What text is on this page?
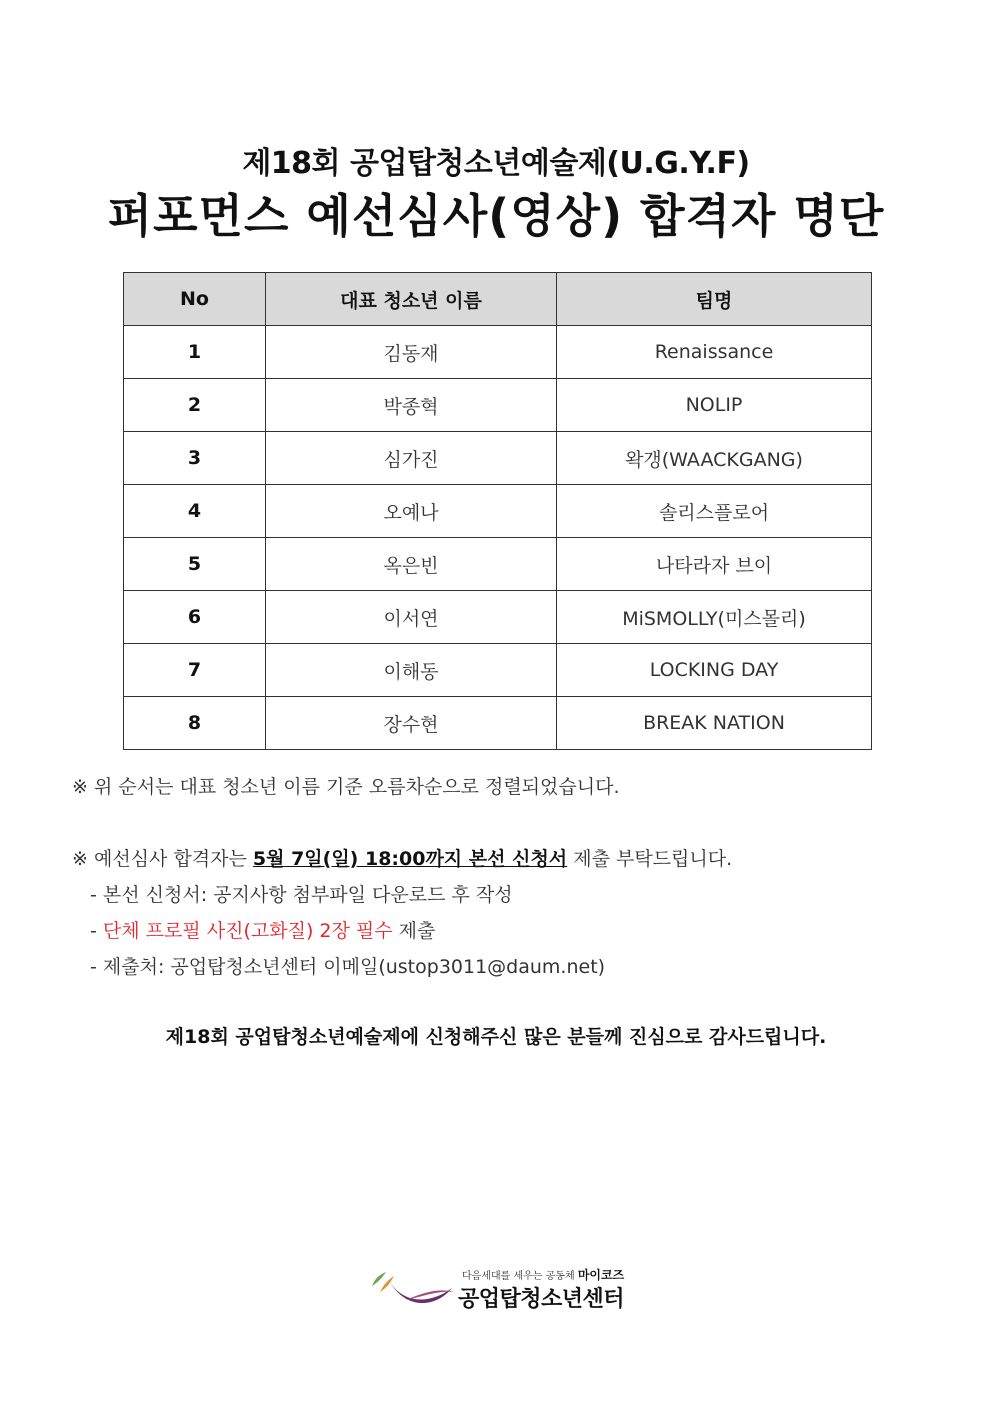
제18회 공업탑청소년예술제(U.G.Y.F)
퍼포먼스 예선심사(영상) 합격자 명단
No	대표 청소년 이름	팀명
1	김동재	Renaissance
2	박종혁	NOLIP
3	심가진	왁갱(WAACKGANG)
4	오예나	솔리스플로어
5	옥은빈	나타라자 브이
6	이서연	MiSMOLLY(미스몰리)
7	이해동	LOCKING DAY
8	장수현	BREAK NATION
※ 위 순서는 대표 청소년 이름 기준 오름차순으로 정렬되었습니다.
※ 예선심사 합격자는 5월 7일(일) 18:00까지 본선 신청서 제출 부탁드립니다.
- 본선 신청서: 공지사항 첨부파일 다운로드 후 작성
- 단체 프로필 사진(고화질) 2장 필수 제출
- 제출처: 공업탑청소년센터 이메일(ustop3011@daum.net)
제18회 공업탑청소년예술제에 신청해주신 많은 분들께 진심으로 감사드립니다.
다음세대를 세우는 공동체 마이코즈
공업탑청소년센터
